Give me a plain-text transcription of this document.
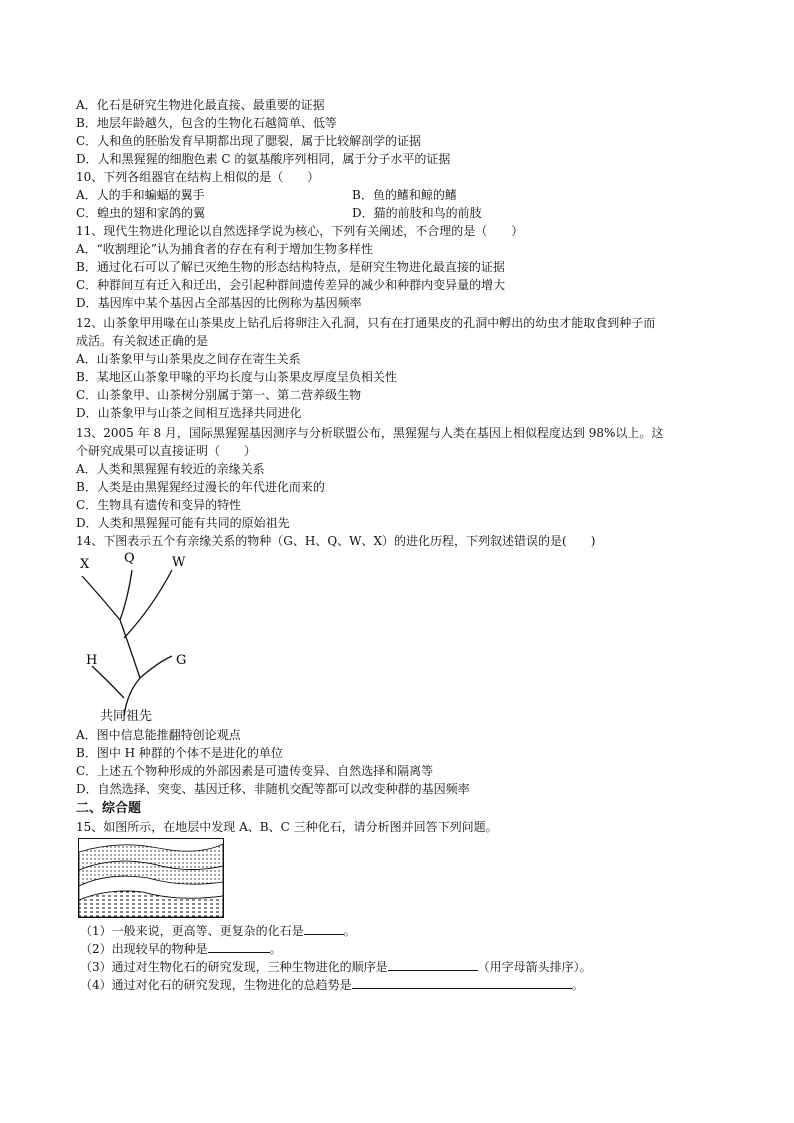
A．化石是研究生物进化最直接、最重要的证据
B．地层年龄越久，包含的生物化石越简单、低等
C．人和鱼的胚胎发育早期都出现了腮裂，属于比较解剖学的证据
D．人和黑猩猩的细胞色素 C 的氨基酸序列相同，属于分子水平的证据
10、下列各组器官在结构上相似的是（　　）
A．人的手和蝙蝠的翼手	B．鱼的鳍和鲸的鳍
C．蝗虫的翅和家鸽的翼	D．猫的前肢和鸟的前肢
11、现代生物进化理论以自然选择学说为核心，下列有关阐述，不合理的是（　　）
A．“收割理论”认为捕食者的存在有利于增加生物多样性
B．通过化石可以了解已灭绝生物的形态结构特点，是研究生物进化最直接的证据
C．种群间互有迁入和迁出，会引起种群间遗传差异的减少和种群内变异量的增大
D．基因库中某个基因占全部基因的比例称为基因频率
12、山茶象甲用喙在山茶果皮上钻孔后将卵注入孔洞，只有在打通果皮的孔洞中孵出的幼虫才能取食到种子而
成活。有关叙述正确的是
A．山茶象甲与山茶果皮之间存在寄生关系
B．某地区山茶象甲喙的平均长度与山茶果皮厚度呈负相关性
C．山茶象甲、山茶树分别属于第一、第二营养级生物
D．山茶象甲与山茶之间相互选择共同进化
13、2005 年 8 月，国际黑猩猩基因测序与分析联盟公布，黑猩猩与人类在基因上相似程度达到 98%以上。这
个研究成果可以直接证明（　　）
A．人类和黑猩猩有较近的亲缘关系
B．人类是由黑猩猩经过漫长的年代进化而来的
C．生物具有遗传和变异的特性
D．人类和黑猩猩可能有共同的原始祖先
14、下图表示五个有亲缘关系的物种（G、H、Q、W、X）的进化历程，下列叙述错误的是(　　)
X	Q	W
H	G
共同祖先
A．图中信息能推翻特创论观点
B．图中 H 种群的个体不是进化的单位
C．上述五个物种形成的外部因素是可遗传变异、自然选择和隔离等
D．自然选择、突变、基因迁移、非随机交配等都可以改变种群的基因频率
二、综合题
15、如图所示，在地层中发现 A、B、C 三种化石，请分析图并回答下列问题。
（1）一般来说，更高等、更复杂的化石是	。
（2）出现较早的物种是	。
（3）通过对生物化石的研究发现，三种生物进化的顺序是	（用字母箭头排序）。
（4）通过对化石的研究发现，生物进化的总趋势是	。
